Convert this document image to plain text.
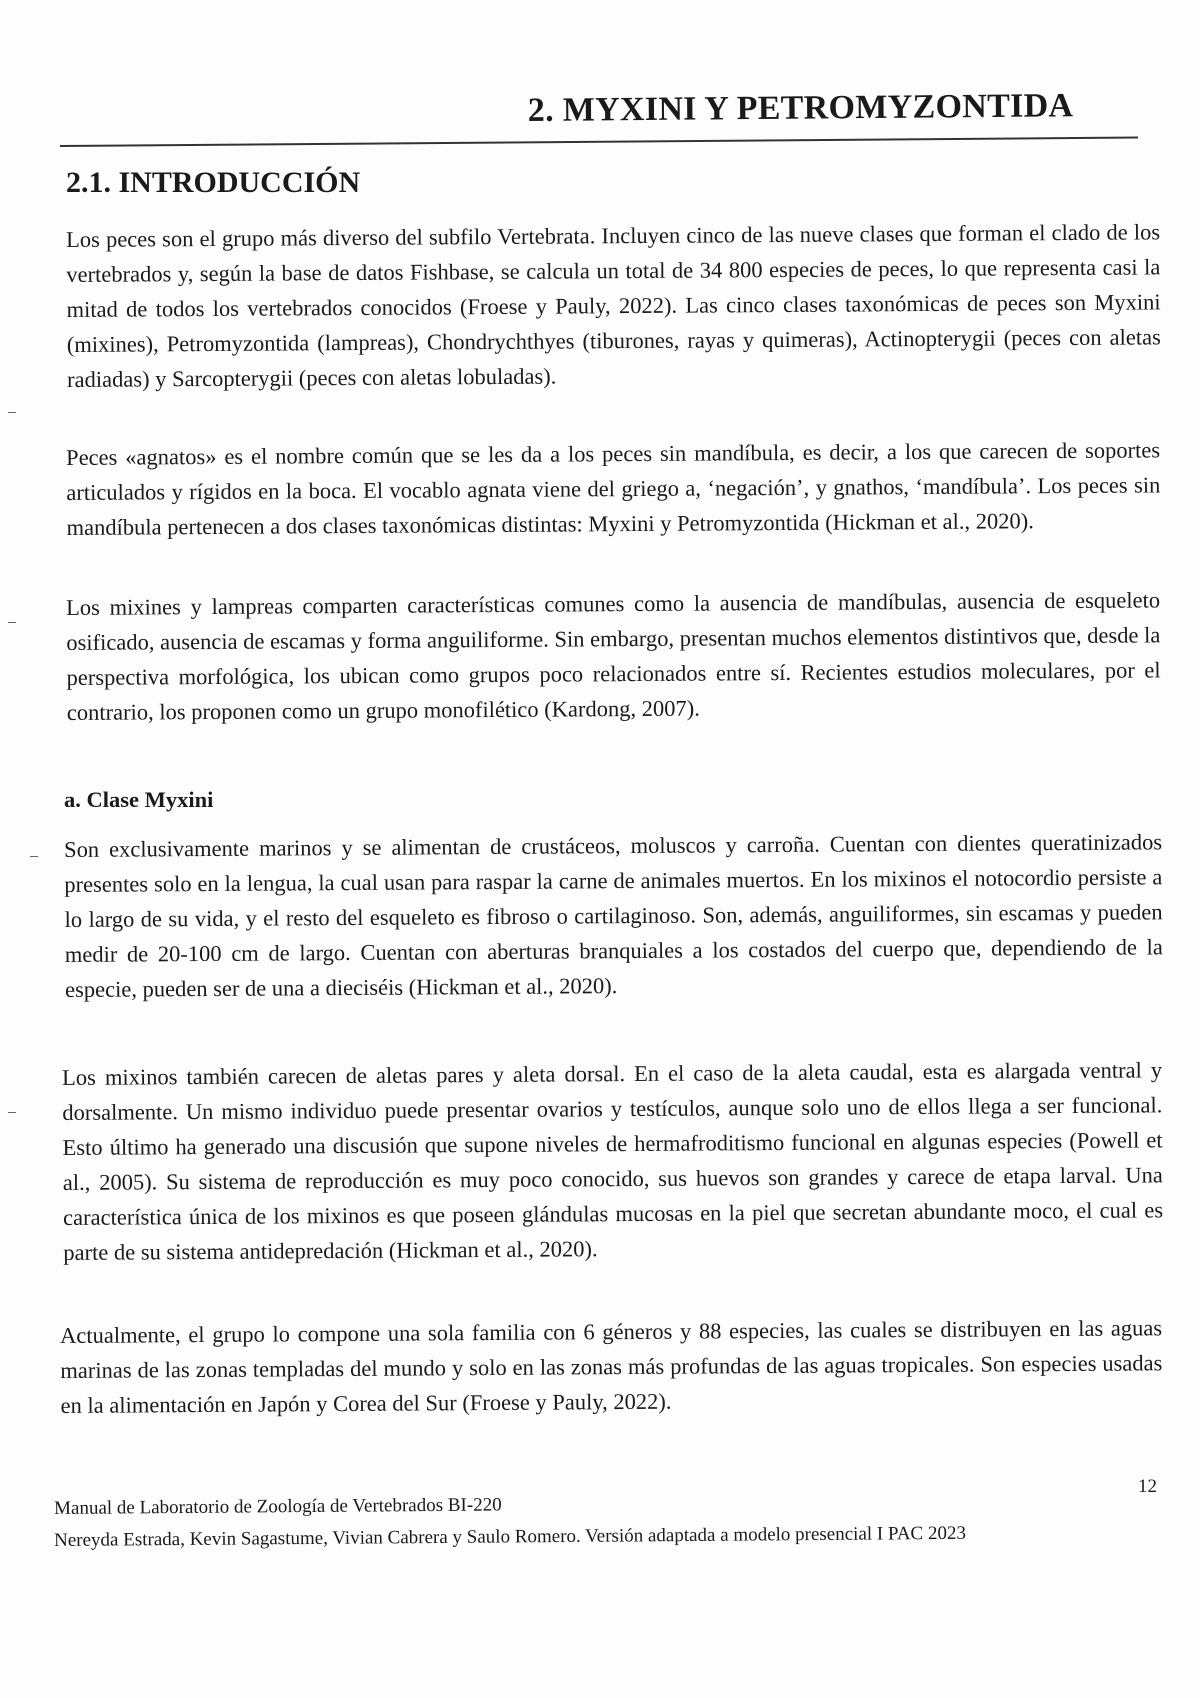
2. MYXINI Y PETROMYZONTIDA
2.1. INTRODUCCIÓN

Los peces son el grupo más diverso del subfilo Vertebrata. Incluyen cinco de las nueve clases que forman el clado de los vertebrados y, según la base de datos Fishbase, se calcula un total de 34 800 especies de peces, lo que representa casi la mitad de todos los vertebrados conocidos (Froese y Pauly, 2022). Las cinco clases taxonómicas de peces son Myxini (mixines), Petromyzontida (lampreas), Chondrychthyes (tiburones, rayas y quimeras), Actinopterygii (peces con aletas radiadas) y Sarcopterygii (peces con aletas lobuladas).

Peces «agnatos» es el nombre común que se les da a los peces sin mandíbula, es decir, a los que carecen de soportes articulados y rígidos en la boca. El vocablo agnata viene del griego a, ‘negación’, y gnathos, ‘mandíbula’. Los peces sin mandíbula pertenecen a dos clases taxonómicas distintas: Myxini y Petromyzontida (Hickman et al., 2020).

Los mixines y lampreas comparten características comunes como la ausencia de mandíbulas, ausencia de esqueleto osificado, ausencia de escamas y forma anguiliforme. Sin embargo, presentan muchos elementos distintivos que, desde la perspectiva morfológica, los ubican como grupos poco relacionados entre sí. Recientes estudios moleculares, por el contrario, los proponen como un grupo monofilético (Kardong, 2007).

a. Clase Myxini

Son exclusivamente marinos y se alimentan de crustáceos, moluscos y carroña. Cuentan con dientes queratinizados presentes solo en la lengua, la cual usan para raspar la carne de animales muertos. En los mixinos el notocordio persiste a lo largo de su vida, y el resto del esqueleto es fibroso o cartilaginoso. Son, además, anguiliformes, sin escamas y pueden medir de 20-100 cm de largo. Cuentan con aberturas branquiales a los costados del cuerpo que, dependiendo de la especie, pueden ser de una a dieciséis (Hickman et al., 2020).

Los mixinos también carecen de aletas pares y aleta dorsal. En el caso de la aleta caudal, esta es alargada ventral y dorsalmente. Un mismo individuo puede presentar ovarios y testículos, aunque solo uno de ellos llega a ser funcional. Esto último ha generado una discusión que supone niveles de hermafroditismo funcional en algunas especies (Powell et al., 2005). Su sistema de reproducción es muy poco conocido, sus huevos son grandes y carece de etapa larval. Una característica única de los mixinos es que poseen glándulas mucosas en la piel que secretan abundante moco, el cual es parte de su sistema antidepredación (Hickman et al., 2020).

Actualmente, el grupo lo compone una sola familia con 6 géneros y 88 especies, las cuales se distribuyen en las aguas marinas de las zonas templadas del mundo y solo en las zonas más profundas de las aguas tropicales. Son especies usadas en la alimentación en Japón y Corea del Sur (Froese y Pauly, 2022).

12
Manual de Laboratorio de Zoología de Vertebrados BI-220
Nereyda Estrada, Kevin Sagastume, Vivian Cabrera y Saulo Romero. Versión adaptada a modelo presencial I PAC 2023
